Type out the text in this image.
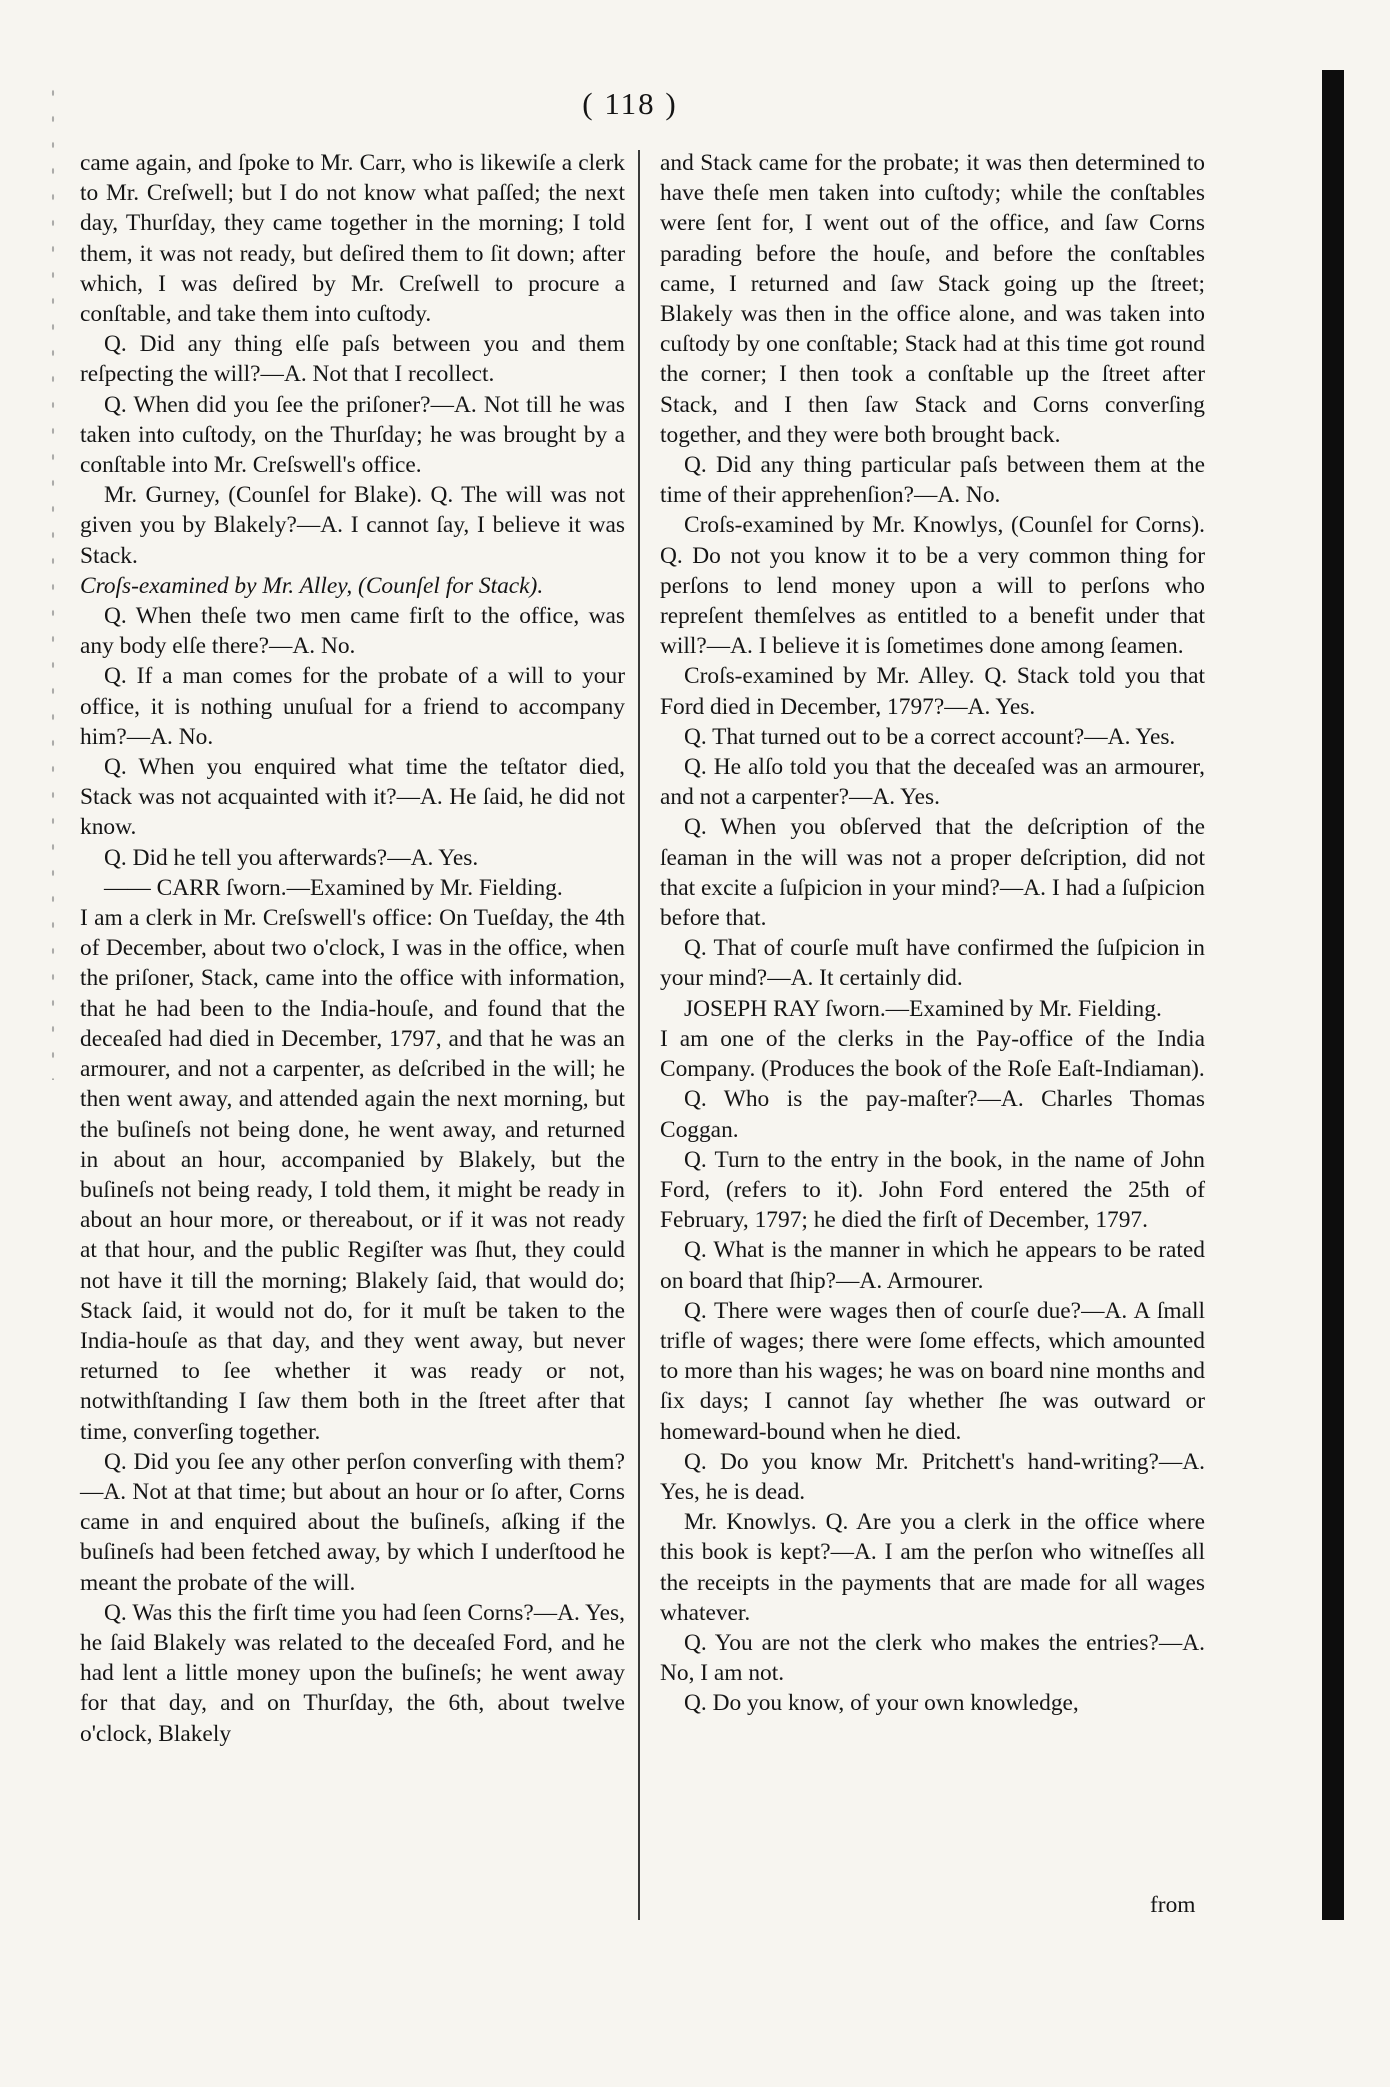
( 118 )

came again, and ſpoke to Mr. Carr, who is likewiſe a clerk to Mr. Creſwell; but I do not know what paſſed; the next day, Thurſday, they came together in the morning; I told them, it was not ready, but deſired them to ſit down; after which, I was deſired by Mr. Creſwell to procure a conſtable, and take them into cuſtody.

Q. Did any thing elſe paſs between you and them reſpecting the will?—A. Not that I recollect.

Q. When did you ſee the priſoner?—A. Not till he was taken into cuſtody, on the Thurſday; he was brought by a conſtable into Mr. Creſswell's office.

Mr. Gurney, (Counſel for Blake). Q. The will was not given you by Blakely?—A. I cannot ſay, I believe it was Stack.

Croſs-examined by Mr. Alley, (Counſel for Stack).

Q. When theſe two men came firſt to the office, was any body elſe there?—A. No.

Q. If a man comes for the probate of a will to your office, it is nothing unuſual for a friend to accompany him?—A. No.

Q. When you enquired what time the teſtator died, Stack was not acquainted with it?—A. He ſaid, he did not know.

Q. Did he tell you afterwards?—A. Yes.

—— CARR ſworn.—Examined by Mr. Fielding.

I am a clerk in Mr. Creſswell's office: On Tueſday, the 4th of December, about two o'clock, I was in the office, when the priſoner, Stack, came into the office with information, that he had been to the India-houſe, and found that the deceaſed had died in December, 1797, and that he was an armourer, and not a carpenter, as deſcribed in the will; he then went away, and attended again the next morning, but the buſineſs not being done, he went away, and returned in about an hour, accompanied by Blakely, but the buſineſs not being ready, I told them, it might be ready in about an hour more, or thereabout, or if it was not ready at that hour, and the public Regiſter was ſhut, they could not have it till the morning; Blakely ſaid, that would do; Stack ſaid, it would not do, for it muſt be taken to the India-houſe as that day, and they went away, but never returned to ſee whether it was ready or not, notwithſtanding I ſaw them both in the ſtreet after that time, converſing together.

Q. Did you ſee any other perſon converſing with them?—A. Not at that time; but about an hour or ſo after, Corns came in and enquired about the buſineſs, aſking if the buſineſs had been fetched away, by which I underſtood he meant the probate of the will.

Q. Was this the firſt time you had ſeen Corns?—A. Yes, he ſaid Blakely was related to the deceaſed Ford, and he had lent a little money upon the buſineſs; he went away for that day, and on Thurſday, the 6th, about twelve o'clock, Blakely

and Stack came for the probate; it was then determined to have theſe men taken into cuſtody; while the conſtables were ſent for, I went out of the office, and ſaw Corns parading before the houſe, and before the conſtables came, I returned and ſaw Stack going up the ſtreet; Blakely was then in the office alone, and was taken into cuſtody by one conſtable; Stack had at this time got round the corner; I then took a conſtable up the ſtreet after Stack, and I then ſaw Stack and Corns converſing together, and they were both brought back.

Q. Did any thing particular paſs between them at the time of their apprehenſion?—A. No.

Croſs-examined by Mr. Knowlys, (Counſel for Corns). Q. Do not you know it to be a very common thing for perſons to lend money upon a will to perſons who repreſent themſelves as entitled to a benefit under that will?—A. I believe it is ſometimes done among ſeamen.

Croſs-examined by Mr. Alley. Q. Stack told you that Ford died in December, 1797?—A. Yes.

Q. That turned out to be a correct account?—A. Yes.

Q. He alſo told you that the deceaſed was an armourer, and not a carpenter?—A. Yes.

Q. When you obſerved that the deſcription of the ſeaman in the will was not a proper deſcription, did not that excite a ſuſpicion in your mind?—A. I had a ſuſpicion before that.

Q. That of courſe muſt have confirmed the ſuſpicion in your mind?—A. It certainly did.

JOSEPH RAY ſworn.—Examined by Mr. Fielding.

I am one of the clerks in the Pay-office of the India Company. (Produces the book of the Roſe Eaſt-Indiaman).

Q. Who is the pay-maſter?—A. Charles Thomas Coggan.

Q. Turn to the entry in the book, in the name of John Ford, (refers to it). John Ford entered the 25th of February, 1797; he died the firſt of December, 1797.

Q. What is the manner in which he appears to be rated on board that ſhip?—A. Armourer.

Q. There were wages then of courſe due?—A. A ſmall trifle of wages; there were ſome effects, which amounted to more than his wages; he was on board nine months and ſix days; I cannot ſay whether ſhe was outward or homeward-bound when he died.

Q. Do you know Mr. Pritchett's hand-writing?—A. Yes, he is dead.

Mr. Knowlys. Q. Are you a clerk in the office where this book is kept?—A. I am the perſon who witneſſes all the receipts in the payments that are made for all wages whatever.

Q. You are not the clerk who makes the entries?—A. No, I am not.

Q. Do you know, of your own knowledge,

from
